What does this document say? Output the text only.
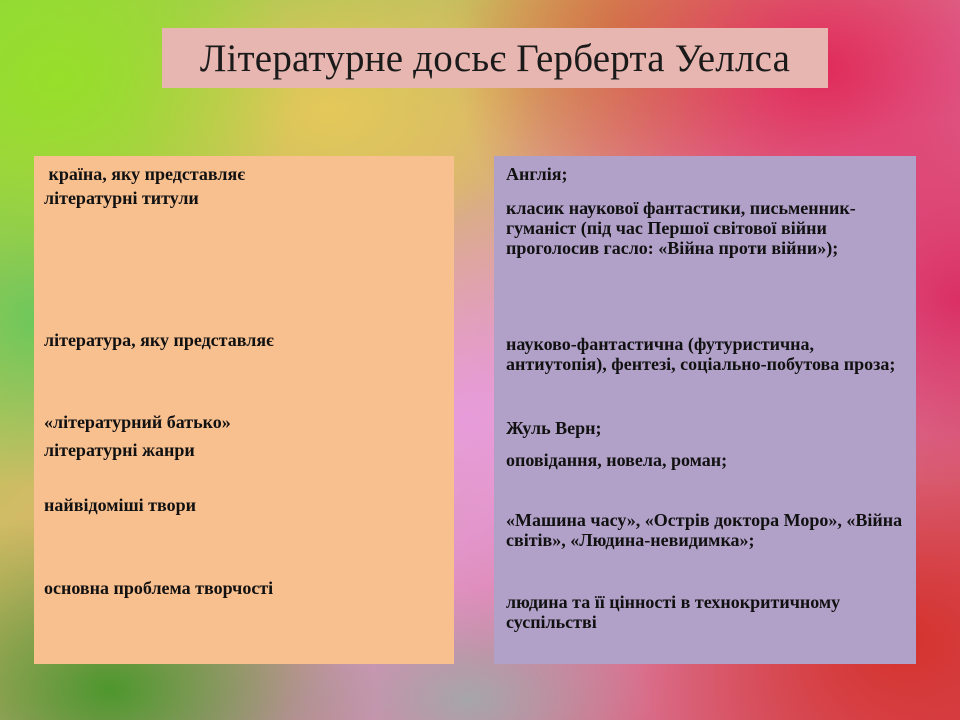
Літературне досьє Герберта Уеллса

країна, яку представляє

літературні титули

література, яку представляє

«літературний батько»

літературні жанри

найвідоміші твори

основна проблема творчості

Англія;

класик наукової фантастики, письменник-гуманіст (під час Першої світової війни проголосив гасло: «Війна проти війни»);

науково-фантастична (футуристична, антиутопія), фентезі, соціально-побутова проза;

Жуль Верн;

оповідання, новела, роман;

«Машина часу», «Острів доктора Моро», «Війна світів», «Людина-невидимка»;

людина та її цінності в технокритичному суспільстві
